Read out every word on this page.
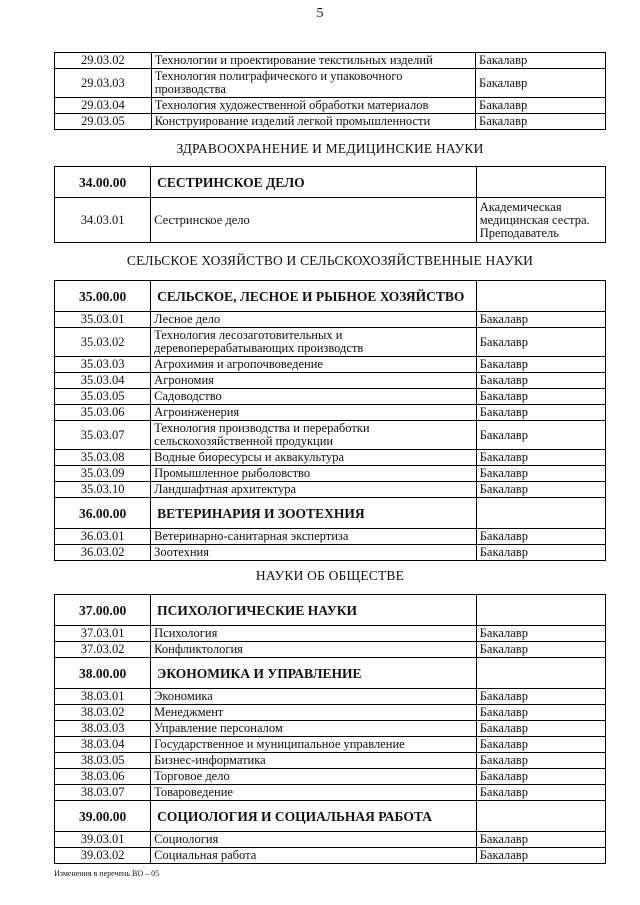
5
29.03.02	Технологии и проектирование текстильных изделий	Бакалавр
29.03.03	Технология полиграфического и упаковочного производства	Бакалавр
29.03.04	Технология художественной обработки материалов	Бакалавр
29.03.05	Конструирование изделий легкой промышленности	Бакалавр
ЗДРАВООХРАНЕНИЕ И МЕДИЦИНСКИЕ НАУКИ
34.00.00	СЕСТРИНСКОЕ ДЕЛО	
34.03.01	Сестринское дело	Академическая медицинская сестра. Преподаватель
СЕЛЬСКОЕ ХОЗЯЙСТВО И СЕЛЬСКОХОЗЯЙСТВЕННЫЕ НАУКИ
35.00.00	СЕЛЬСКОЕ, ЛЕСНОЕ И РЫБНОЕ ХОЗЯЙСТВО	
35.03.01	Лесное дело	Бакалавр
35.03.02	Технология лесозаготовительных и деревоперерабатывающих производств	Бакалавр
35.03.03	Агрохимия и агропочвоведение	Бакалавр
35.03.04	Агрономия	Бакалавр
35.03.05	Садоводство	Бакалавр
35.03.06	Агроинженерия	Бакалавр
35.03.07	Технология производства и переработки сельскохозяйственной продукции	Бакалавр
35.03.08	Водные биоресурсы и аквакультура	Бакалавр
35.03.09	Промышленное рыболовство	Бакалавр
35.03.10	Ландшафтная архитектура	Бакалавр
36.00.00	ВЕТЕРИНАРИЯ И ЗООТЕХНИЯ	
36.03.01	Ветеринарно-санитарная экспертиза	Бакалавр
36.03.02	Зоотехния	Бакалавр
НАУКИ ОБ ОБЩЕСТВЕ
37.00.00	ПСИХОЛОГИЧЕСКИЕ НАУКИ	
37.03.01	Психология	Бакалавр
37.03.02	Конфликтология	Бакалавр
38.00.00	ЭКОНОМИКА И УПРАВЛЕНИЕ	
38.03.01	Экономика	Бакалавр
38.03.02	Менеджмент	Бакалавр
38.03.03	Управление персоналом	Бакалавр
38.03.04	Государственное и муниципальное управление	Бакалавр
38.03.05	Бизнес-информатика	Бакалавр
38.03.06	Торговое дело	Бакалавр
38.03.07	Товароведение	Бакалавр
39.00.00	СОЦИОЛОГИЯ И СОЦИАЛЬНАЯ РАБОТА	
39.03.01	Социология	Бакалавр
39.03.02	Социальная работа	Бакалавр
Изменения в перечень ВО – 05
